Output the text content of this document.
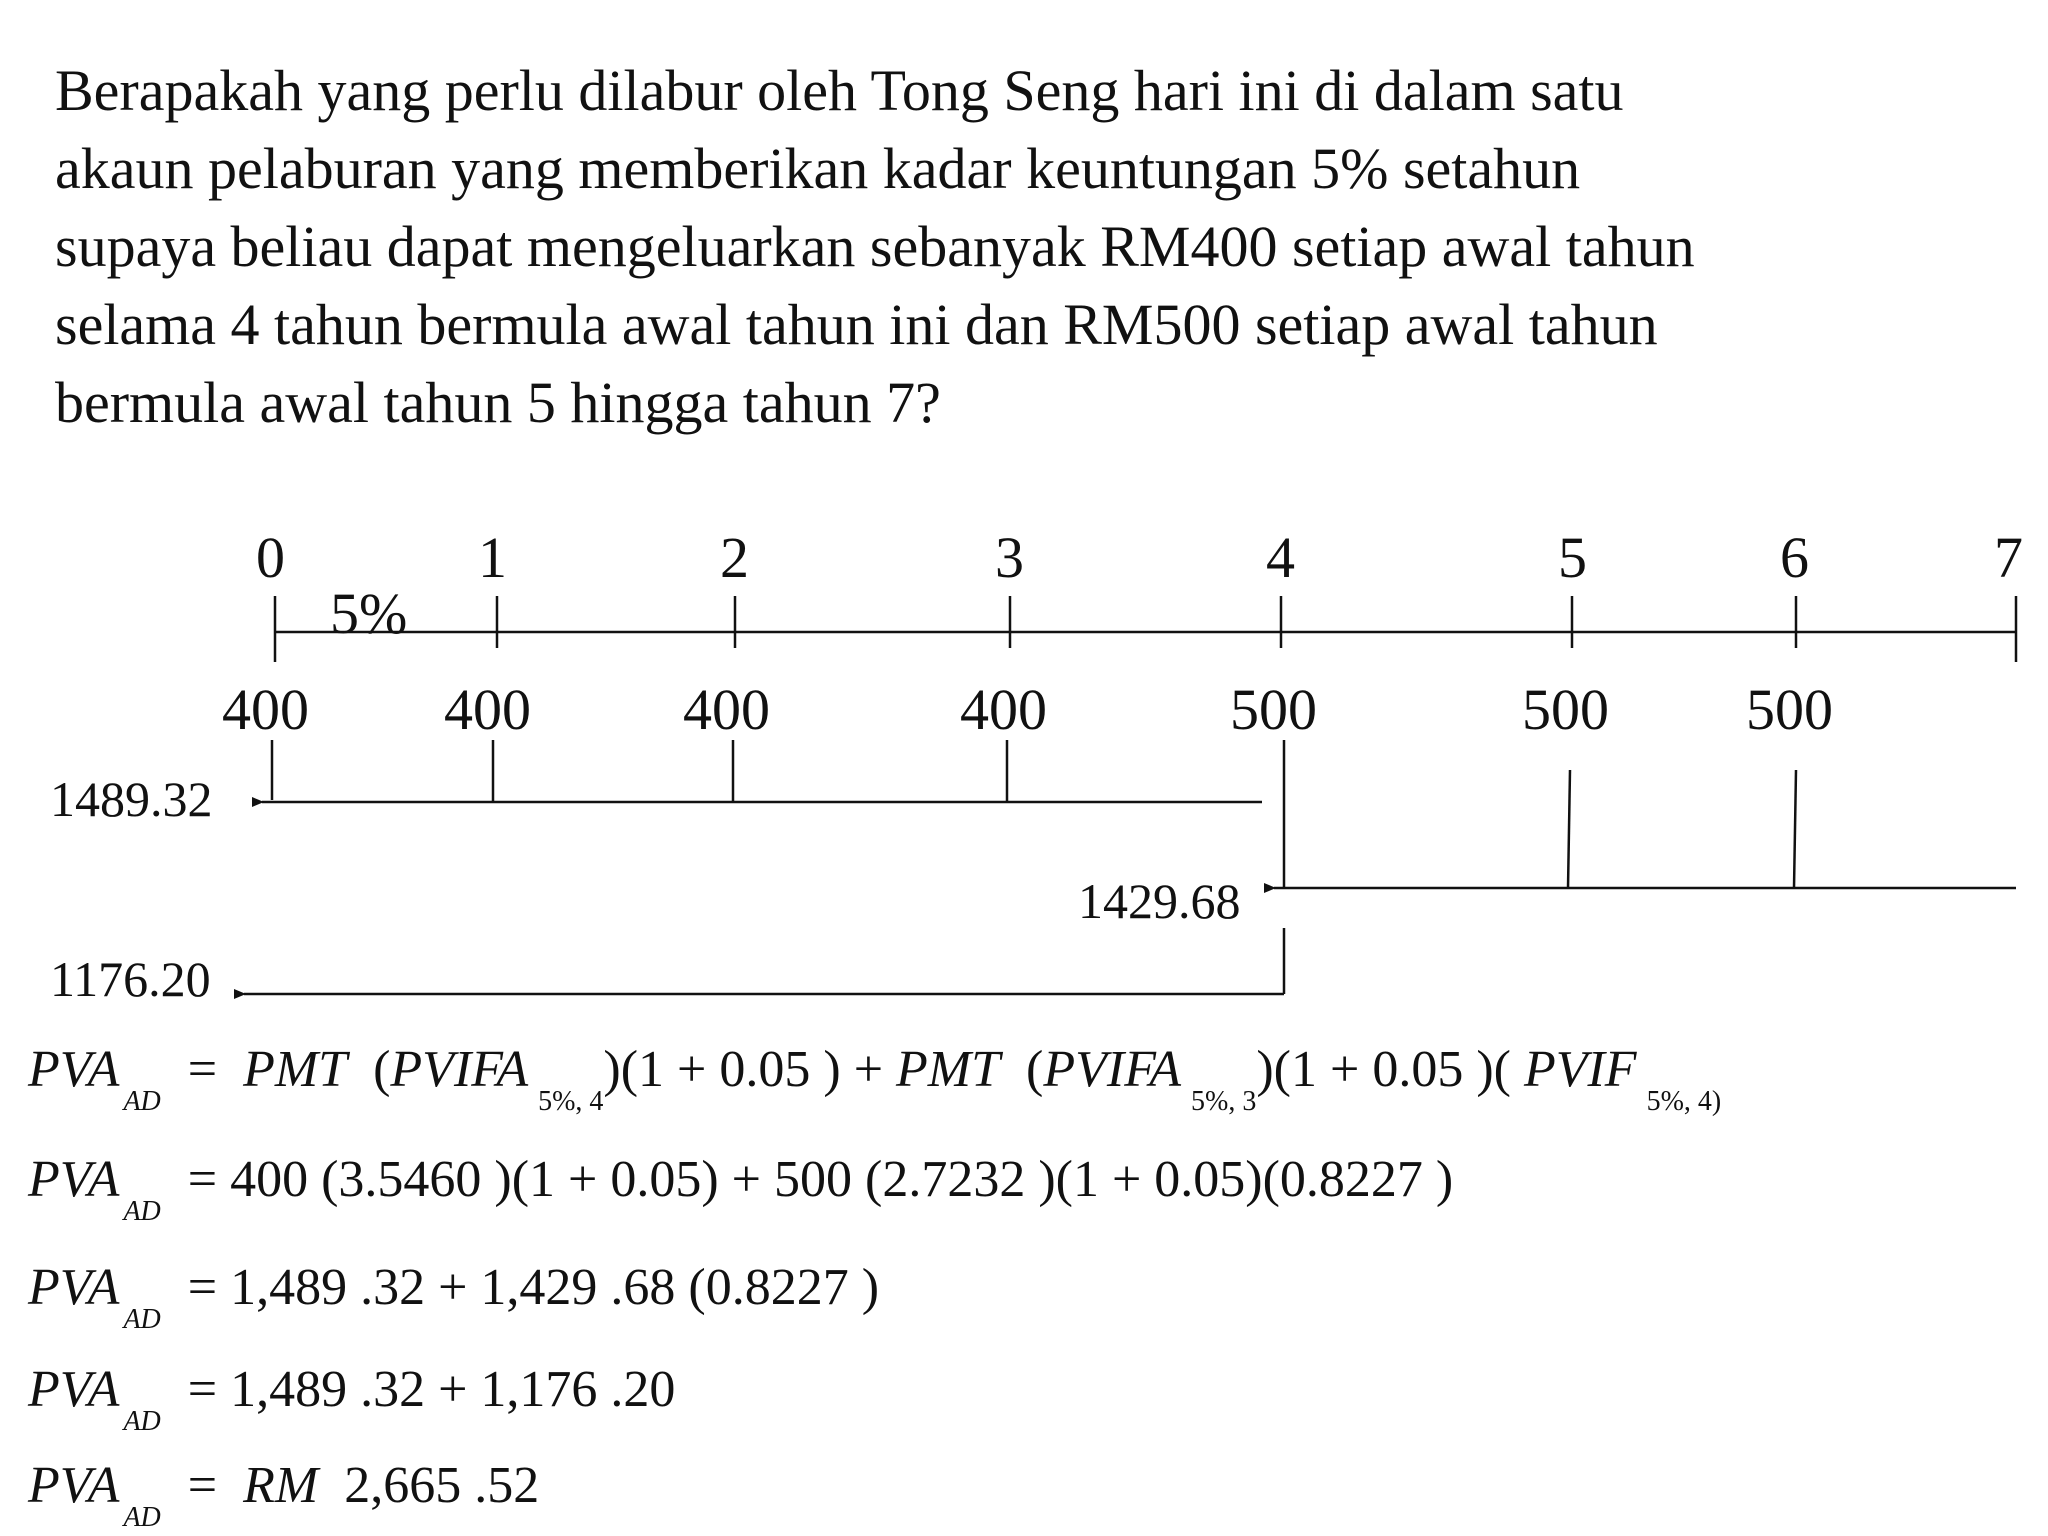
Berapakah yang perlu dilabur oleh Tong Seng hari ini di dalam satu
akaun pelaburan yang memberikan kadar keuntungan 5% setahun
supaya beliau dapat mengeluarkan sebanyak RM400 setiap awal tahun
selama 4 tahun bermula awal tahun ini dan RM500 setiap awal tahun
bermula awal tahun 5 hingga tahun 7?
0	1	2	3	4	5	6	7
5%
400 400	400	400	500	500 500
1489.32
1429.68
1176.20
$PVA_{AD}$ =  PMT  $(PVIFA_{5\%, 4})(1 + 0.05$ ) + PMT  $(PVIFA_{5\%, 3})(1 + 0.05$ )( $PVIF_{5\%, 4)}$
$PVA_{AD} = 400$ (3.5460 )(1 + 0.05) + 500 (2.7232 )(1 + 0.05)(0.8227 )
$PVA_{AD} = 1,489$ .32 + 1,429 .68 (0.8227 )
$PVA_{AD} = 1,489$ .32 + 1,176 .20
$PVA_{AD}$ =  RM 2,665 .52
